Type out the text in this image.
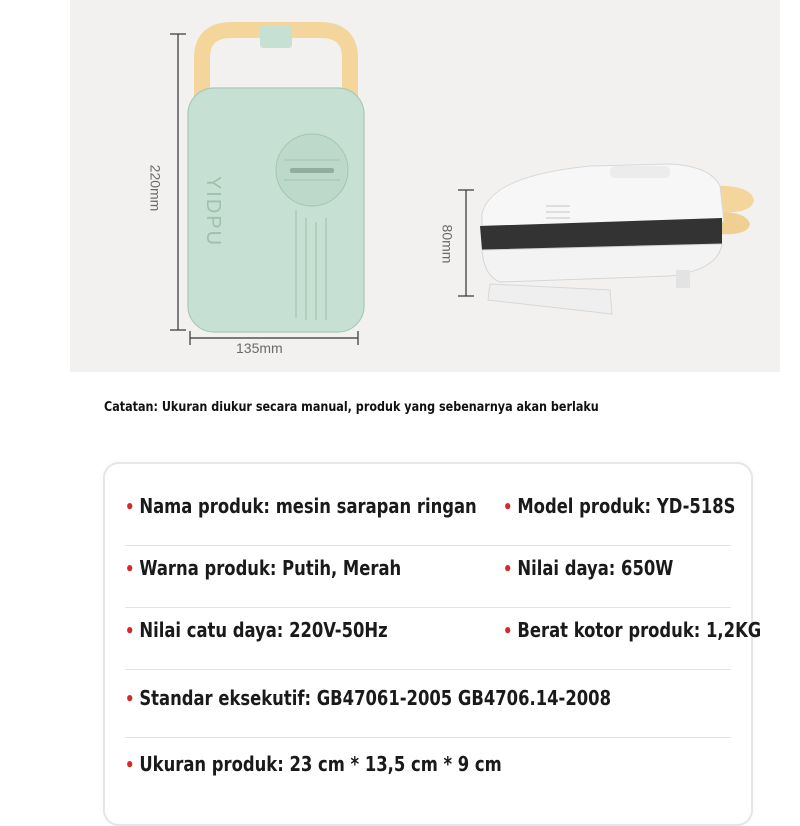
YIDPU
220mm
135mm
80mm
Catatan: Ukuran diukur secara manual, produk yang sebenarnya akan berlaku
• Nama produk: mesin sarapan ringan • Model produk: YD-518S
• Warna produk: Putih, Merah	• Nilai daya: 650W
• Nilai catu daya: 220V-50Hz	• Berat kotor produk: 1,2KG
• Standar eksekutif: GB47061-2005 GB4706.14-2008
• Ukuran produk: 23 cm * 13,5 cm * 9 cm
